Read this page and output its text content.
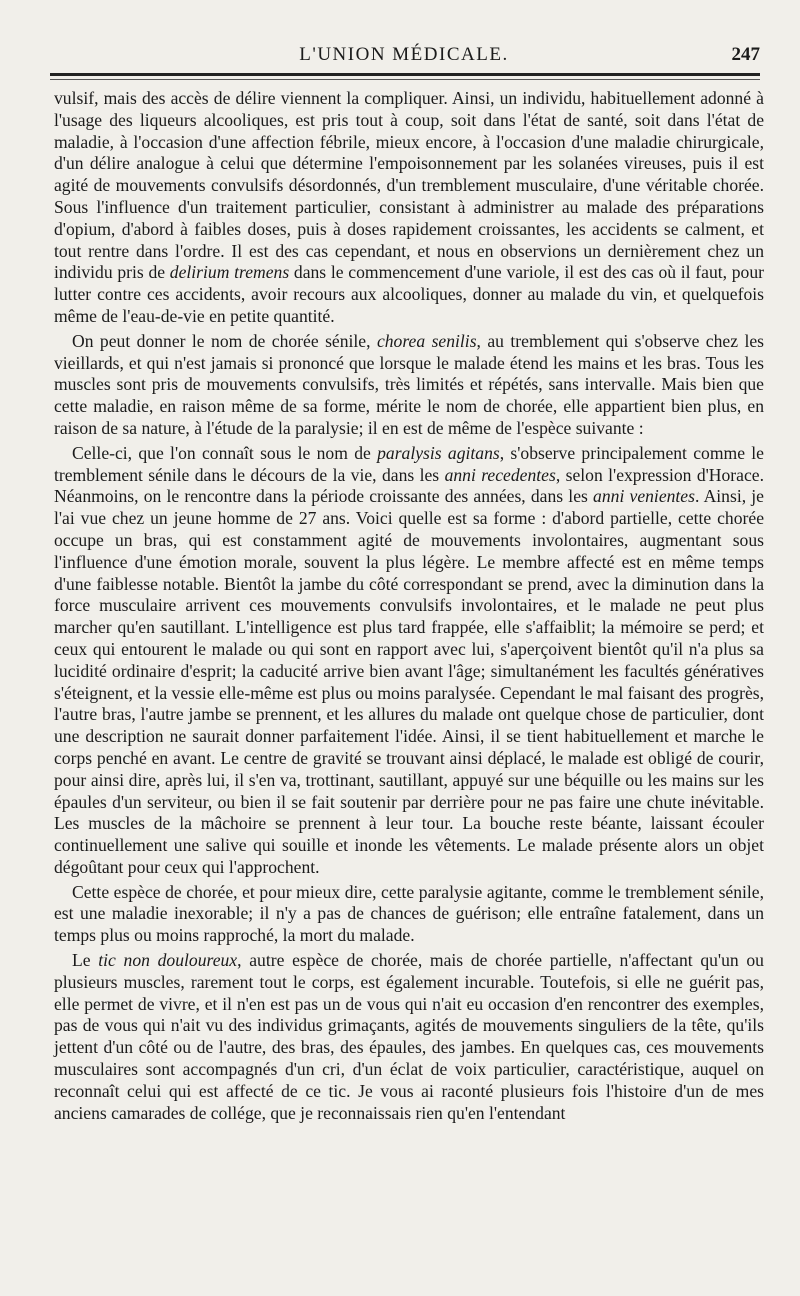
L'UNION MÉDICALE.	247

vulsif, mais des accès de délire viennent la compliquer. Ainsi, un individu, habituellement adonné à l'usage des liqueurs alcooliques, est pris tout à coup, soit dans l'état de santé, soit dans l'état de maladie, à l'occasion d'une affection fébrile, mieux encore, à l'occasion d'une maladie chirurgicale, d'un délire analogue à celui que détermine l'empoisonnement par les solanées vireuses, puis il est agité de mouvements convulsifs désordonnés, d'un tremblement musculaire, d'une véritable chorée. Sous l'influence d'un traitement particulier, consistant à administrer au malade des préparations d'opium, d'abord à faibles doses, puis à doses rapidement croissantes, les accidents se calment, et tout rentre dans l'ordre. Il est des cas cependant, et nous en observions un dernièrement chez un individu pris de delirium tremens dans le commencement d'une variole, il est des cas où il faut, pour lutter contre ces accidents, avoir recours aux alcooliques, donner au malade du vin, et quelquefois même de l'eau-de-vie en petite quantité.

On peut donner le nom de chorée sénile, chorea senilis, au tremblement qui s'observe chez les vieillards, et qui n'est jamais si prononcé que lorsque le malade étend les mains et les bras. Tous les muscles sont pris de mouvements convulsifs, très limités et répétés, sans intervalle. Mais bien que cette maladie, en raison même de sa forme, mérite le nom de chorée, elle appartient bien plus, en raison de sa nature, à l'étude de la paralysie; il en est de même de l'espèce suivante :

Celle-ci, que l'on connaît sous le nom de paralysis agitans, s'observe principalement comme le tremblement sénile dans le décours de la vie, dans les anni recedentes, selon l'expression d'Horace. Néanmoins, on le rencontre dans la période croissante des années, dans les anni venientes. Ainsi, je l'ai vue chez un jeune homme de 27 ans. Voici quelle est sa forme : d'abord partielle, cette chorée occupe un bras, qui est constamment agité de mouvements involontaires, augmentant sous l'influence d'une émotion morale, souvent la plus légère. Le membre affecté est en même temps d'une faiblesse notable. Bientôt la jambe du côté correspondant se prend, avec la diminution dans la force musculaire arrivent ces mouvements convulsifs involontaires, et le malade ne peut plus marcher qu'en sautillant. L'intelligence est plus tard frappée, elle s'affaiblit; la mémoire se perd; et ceux qui entourent le malade ou qui sont en rapport avec lui, s'aperçoivent bientôt qu'il n'a plus sa lucidité ordinaire d'esprit; la caducité arrive bien avant l'âge; simultanément les facultés génératives s'éteignent, et la vessie elle-même est plus ou moins paralysée. Cependant le mal faisant des progrès, l'autre bras, l'autre jambe se prennent, et les allures du malade ont quelque chose de particulier, dont une description ne saurait donner parfaitement l'idée. Ainsi, il se tient habituellement et marche le corps penché en avant. Le centre de gravité se trouvant ainsi déplacé, le malade est obligé de courir, pour ainsi dire, après lui, il s'en va, trottinant, sautillant, appuyé sur une béquille ou les mains sur les épaules d'un serviteur, ou bien il se fait soutenir par derrière pour ne pas faire une chute inévitable. Les muscles de la mâchoire se prennent à leur tour. La bouche reste béante, laissant écouler continuellement une salive qui souille et inonde les vêtements. Le malade présente alors un objet dégoûtant pour ceux qui l'approchent.

Cette espèce de chorée, et pour mieux dire, cette paralysie agitante, comme le tremblement sénile, est une maladie inexorable; il n'y a pas de chances de guérison; elle entraîne fatalement, dans un temps plus ou moins rapproché, la mort du malade.

Le tic non douloureux, autre espèce de chorée, mais de chorée partielle, n'affectant qu'un ou plusieurs muscles, rarement tout le corps, est également incurable. Toutefois, si elle ne guérit pas, elle permet de vivre, et il n'en est pas un de vous qui n'ait eu occasion d'en rencontrer des exemples, pas de vous qui n'ait vu des individus grimaçants, agités de mouvements singuliers de la tête, qu'ils jettent d'un côté ou de l'autre, des bras, des épaules, des jambes. En quelques cas, ces mouvements musculaires sont accompagnés d'un cri, d'un éclat de voix particulier, caractéristique, auquel on reconnaît celui qui est affecté de ce tic. Je vous ai raconté plusieurs fois l'histoire d'un de mes anciens camarades de collége, que je reconnaissais rien qu'en l'entendant
